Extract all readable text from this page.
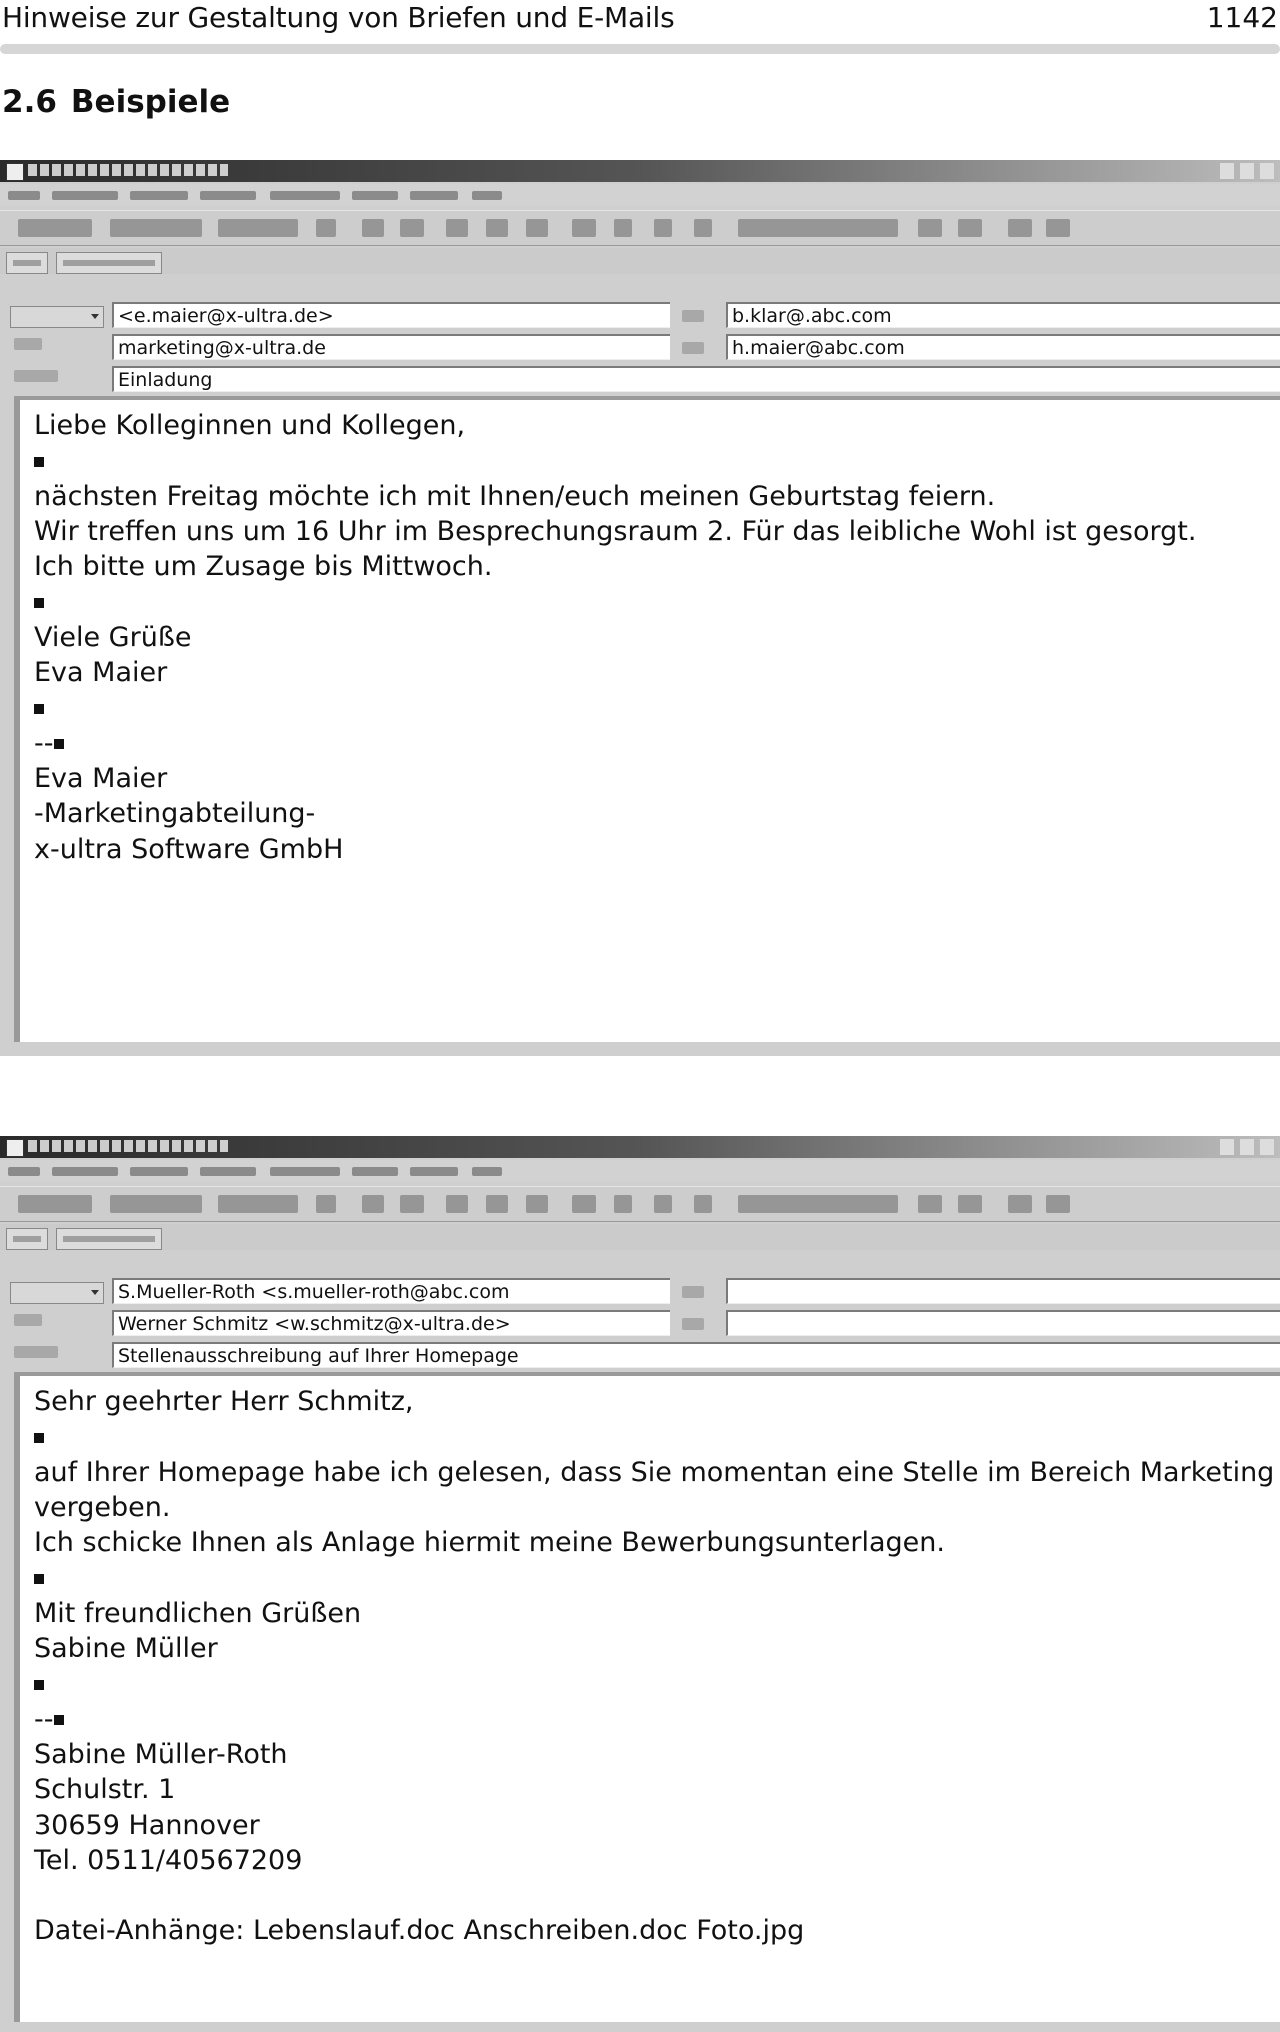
Hinweise zur Gestaltung von Briefen und E-Mails	1142
2.6 Beispiele
<e.maier@x-ultra.de>
marketing@x-ultra.de
Einladung
b.klar@.abc.com
h.maier@abc.com
Liebe Kolleginnen und Kollegen,
nächsten Freitag möchte ich mit Ihnen/euch meinen Geburtstag feiern.
Wir treffen uns um 16 Uhr im Besprechungsraum 2. Für das leibliche Wohl ist gesorgt.
Ich bitte um Zusage bis Mittwoch.
Viele Grüße
Eva Maier
--
Eva Maier
-Marketingabteilung-
x-ultra Software GmbH
S.Mueller-Roth <s.mueller-roth@abc.com
Werner Schmitz <w.schmitz@x-ultra.de>
Stellenausschreibung auf Ihrer Homepage
Sehr geehrter Herr Schmitz,
auf Ihrer Homepage habe ich gelesen, dass Sie momentan eine Stelle im Bereich Marketing
vergeben.
Ich schicke Ihnen als Anlage hiermit meine Bewerbungsunterlagen.
Mit freundlichen Grüßen
Sabine Müller
--
Sabine Müller-Roth
Schulstr. 1
30659 Hannover
Tel. 0511/40567209
Datei-Anhänge: Lebenslauf.doc Anschreiben.doc Foto.jpg
